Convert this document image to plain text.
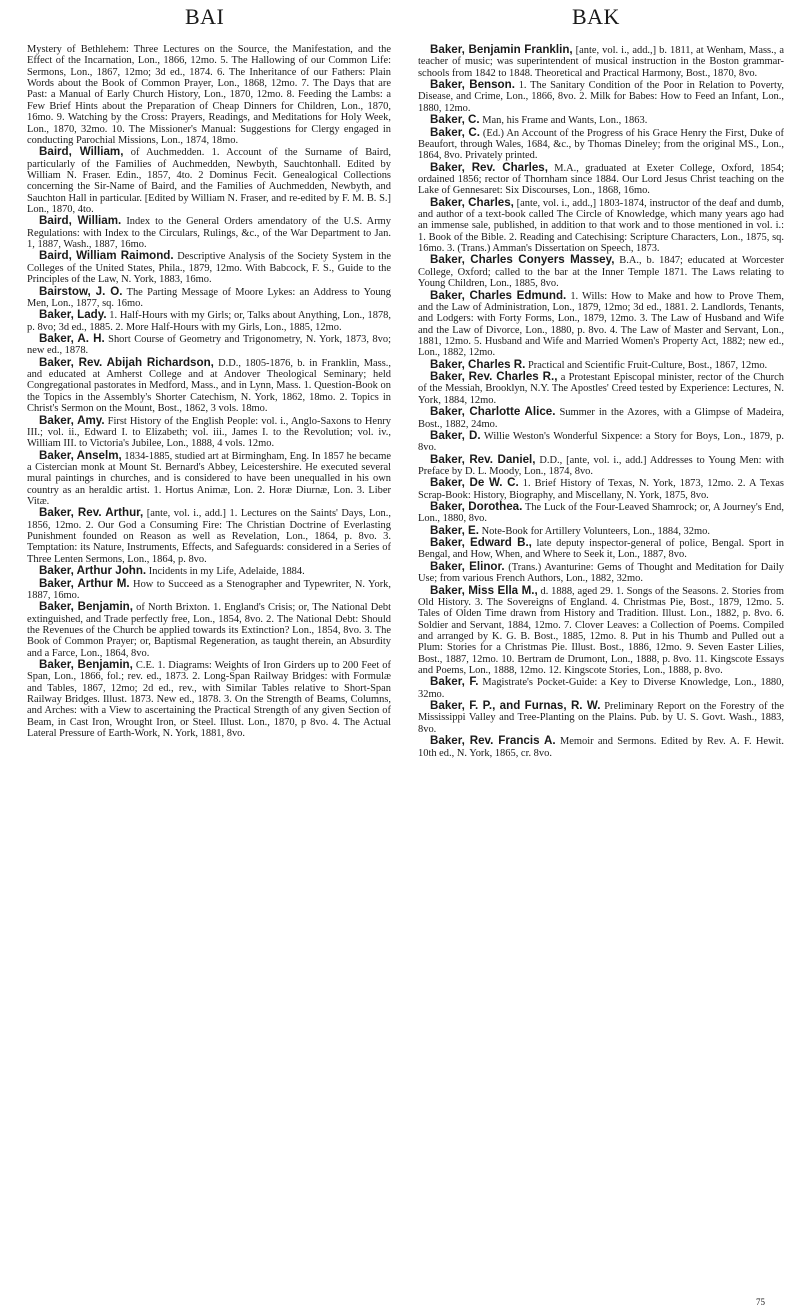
BAI	BAK
Mystery of Bethlehem: Three Lectures on the Source, the Manifestation, and the Effect of the Incarnation, Lon., 1866, 12mo. 5. The Hallowing of our Common Life: Sermons, Lon., 1867, 12mo; 3d ed., 1874. 6. The Inheritance of our Fathers: Plain Words about the Book of Common Prayer, Lon., 1868, 12mo. 7. The Days that are Past: a Manual of Early Church History, Lon., 1870, 12mo. 8. Feeding the Lambs: a Few Brief Hints about the Preparation of Cheap Dinners for Children, Lon., 1870, 16mo. 9. Watching by the Cross: Prayers, Readings, and Meditations for Holy Week, Lon., 1870, 32mo. 10. The Missioner's Manual: Suggestions for Clergy engaged in conducting Parochial Missions, Lon., 1874, 18mo.
Baird, William, of Auchmedden. 1. Account of the Surname of Baird, particularly of the Families of Auchmedden, Newbyth, Sauchtonhall. Edited by William N. Fraser. Edin., 1857, 4to. 2 Dominus Fecit. Genealogical Collections concerning the Sir-Name of Baird, and the Families of Auchmedden, Newbyth, and Sauchton Hall in particular. [Edited by William N. Fraser, and re-edited by F. M. B. S.] Lon., 1870, 4to.
Baird, William. Index to the General Orders amendatory of the U.S. Army Regulations: with Index to the Circulars, Rulings, &c., of the War Department to Jan. 1, 1887, Wash., 1887, 16mo.
Baird, William Raimond. Descriptive Analysis of the Society System in the Colleges of the United States, Phila., 1879, 12mo. With Babcock, F. S., Guide to the Principles of the Law, N. York, 1883, 16mo.
Bairstow, J. O. The Parting Message of Moore Lykes: an Address to Young Men, Lon., 1877, sq. 16mo.
Baker, Lady. 1. Half-Hours with my Girls; or, Talks about Anything, Lon., 1878, p. 8vo; 3d ed., 1885. 2. More Half-Hours with my Girls, Lon., 1885, 12mo.
Baker, A. H. Short Course of Geometry and Trigonometry, N. York, 1873, 8vo; new ed., 1878.
Baker, Rev. Abijah Richardson, D.D., 1805-1876, b. in Franklin, Mass., and educated at Amherst College and at Andover Theological Seminary; held Congregational pastorates in Medford, Mass., and in Lynn, Mass. 1. Question-Book on the Topics in the Assembly's Shorter Catechism, N. York, 1862, 18mo. 2. Topics in Christ's Sermon on the Mount, Bost., 1862, 3 vols. 18mo.
Baker, Amy. First History of the English People: vol. i., Anglo-Saxons to Henry III.; vol. ii., Edward I. to Elizabeth; vol. iii., James I. to the Revolution; vol. iv., William III. to Victoria's Jubilee, Lon., 1888, 4 vols. 12mo.
Baker, Anselm, 1834-1885, studied art at Birmingham, Eng. In 1857 he became a Cistercian monk at Mount St. Bernard's Abbey, Leicestershire. He executed several mural paintings in churches, and is considered to have been unequalled in his own country as an heraldic artist. 1. Hortus Animæ, Lon. 2. Horæ Diurnæ, Lon. 3. Liber Vitæ.
Baker, Rev. Arthur, [ante, vol. i., add.] 1. Lectures on the Saints' Days, Lon., 1856, 12mo. 2. Our God a Consuming Fire: The Christian Doctrine of Everlasting Punishment founded on Reason as well as Revelation, Lon., 1864, p. 8vo. 3. Temptation: its Nature, Instruments, Effects, and Safeguards: considered in a Series of Three Lenten Sermons, Lon., 1864, p. 8vo.
Baker, Arthur John. Incidents in my Life, Adelaide, 1884.
Baker, Arthur M. How to Succeed as a Stenographer and Typewriter, N. York, 1887, 16mo.
Baker, Benjamin, of North Brixton. 1. England's Crisis; or, The National Debt extinguished, and Trade perfectly free, Lon., 1854, 8vo. 2. The National Debt: Should the Revenues of the Church be applied towards its Extinction? Lon., 1854, 8vo. 3. The Book of Common Prayer; or, Baptismal Regeneration, as taught therein, an Absurdity and a Farce, Lon., 1864, 8vo.
Baker, Benjamin, C.E. 1. Diagrams: Weights of Iron Girders up to 200 Feet of Span, Lon., 1866, fol.; rev. ed., 1873. 2. Long-Span Railway Bridges: with Formulæ and Tables, 1867, 12mo; 2d ed., rev., with Similar Tables relative to Short-Span Railway Bridges. Illust. 1873. New ed., 1878. 3. On the Strength of Beams, Columns, and Arches: with a View to ascertaining the Practical Strength of any given Section of Beam, in Cast Iron, Wrought Iron, or Steel. Illust. Lon., 1870, p 8vo. 4. The Actual Lateral Pressure of Earth-Work, N. York, 1881, 8vo.
Baker, Benjamin Franklin, [ante, vol. i., add.,] b. 1811, at Wenham, Mass., a teacher of music; was superintendent of musical instruction in the Boston grammar-schools from 1842 to 1848. Theoretical and Practical Harmony, Bost., 1870, 8vo.
Baker, Benson. 1. The Sanitary Condition of the Poor in Relation to Poverty, Disease, and Crime, Lon., 1866, 8vo. 2. Milk for Babes: How to Feed an Infant, Lon., 1880, 12mo.
Baker, C. Man, his Frame and Wants, Lon., 1863.
Baker, C. (Ed.) An Account of the Progress of his Grace Henry the First, Duke of Beaufort, through Wales, 1684, &c., by Thomas Dineley; from the original MS., Lon., 1864, 8vo. Privately printed.
Baker, Rev. Charles, M.A., graduated at Exeter College, Oxford, 1854; ordained 1856; rector of Thornham since 1884. Our Lord Jesus Christ teaching on the Lake of Gennesaret: Six Discourses, Lon., 1868, 16mo.
Baker, Charles, [ante, vol. i., add.,] 1803-1874, instructor of the deaf and dumb, and author of a text-book called The Circle of Knowledge, which many years ago had an immense sale, published, in addition to that work and to those mentioned in vol. i.: 1. Book of the Bible. 2. Reading and Catechising: Scripture Characters, Lon., 1875, sq. 16mo. 3. (Trans.) Amman's Dissertation on Speech, 1873.
Baker, Charles Conyers Massey, B.A., b. 1847; educated at Worcester College, Oxford; called to the bar at the Inner Temple 1871. The Laws relating to Young Children, Lon., 1885, 8vo.
Baker, Charles Edmund. 1. Wills: How to Make and how to Prove Them, and the Law of Administration, Lon., 1879, 12mo; 3d ed., 1881. 2. Landlords, Tenants, and Lodgers: with Forty Forms, Lon., 1879, 12mo. 3. The Law of Husband and Wife and the Law of Divorce, Lon., 1880, p. 8vo. 4. The Law of Master and Servant, Lon., 1881, 12mo. 5. Husband and Wife and Married Women's Property Act, 1882; new ed., Lon., 1882, 12mo.
Baker, Charles R. Practical and Scientific Fruit-Culture, Bost., 1867, 12mo.
Baker, Rev. Charles R., a Protestant Episcopal minister, rector of the Church of the Messiah, Brooklyn, N.Y. The Apostles' Creed tested by Experience: Lectures, N. York, 1884, 12mo.
Baker, Charlotte Alice. Summer in the Azores, with a Glimpse of Madeira, Bost., 1882, 24mo.
Baker, D. Willie Weston's Wonderful Sixpence: a Story for Boys, Lon., 1879, p. 8vo.
Baker, Rev. Daniel, D.D., [ante, vol. i., add.] Addresses to Young Men: with Preface by D. L. Moody, Lon., 1874, 8vo.
Baker, De W. C. 1. Brief History of Texas, N. York, 1873, 12mo. 2. A Texas Scrap-Book: History, Biography, and Miscellany, N. York, 1875, 8vo.
Baker, Dorothea. The Luck of the Four-Leaved Shamrock; or, A Journey's End, Lon., 1880, 8vo.
Baker, E. Note-Book for Artillery Volunteers, Lon., 1884, 32mo.
Baker, Edward B., late deputy inspector-general of police, Bengal. Sport in Bengal, and How, When, and Where to Seek it, Lon., 1887, 8vo.
Baker, Elinor. (Trans.) Avanturine: Gems of Thought and Meditation for Daily Use; from various French Authors, Lon., 1882, 32mo.
Baker, Miss Ella M., d. 1888, aged 29. 1. Songs of the Seasons. 2. Stories from Old History. 3. The Sovereigns of England. 4. Christmas Pie, Bost., 1879, 12mo. 5. Tales of Olden Time drawn from History and Tradition. Illust. Lon., 1882, p. 8vo. 6. Soldier and Servant, 1884, 12mo. 7. Clover Leaves: a Collection of Poems. Compiled and arranged by K. G. B. Bost., 1885, 12mo. 8. Put in his Thumb and Pulled out a Plum: Stories for a Christmas Pie. Illust. Bost., 1886, 12mo. 9. Seven Easter Lilies, Bost., 1887, 12mo. 10. Bertram de Drumont, Lon., 1888, p. 8vo. 11. Kingscote Essays and Poems, Lon., 1888, 12mo. 12. Kingscote Stories, Lon., 1888, p. 8vo.
Baker, F. Magistrate's Pocket-Guide: a Key to Diverse Knowledge, Lon., 1880, 32mo.
Baker, F. P., and Furnas, R. W. Preliminary Report on the Forestry of the Mississippi Valley and Tree-Planting on the Plains. Pub. by U. S. Govt. Wash., 1883, 8vo.
Baker, Rev. Francis A. Memoir and Sermons. Edited by Rev. A. F. Hewit. 10th ed., N. York, 1865, cr. 8vo.
75
